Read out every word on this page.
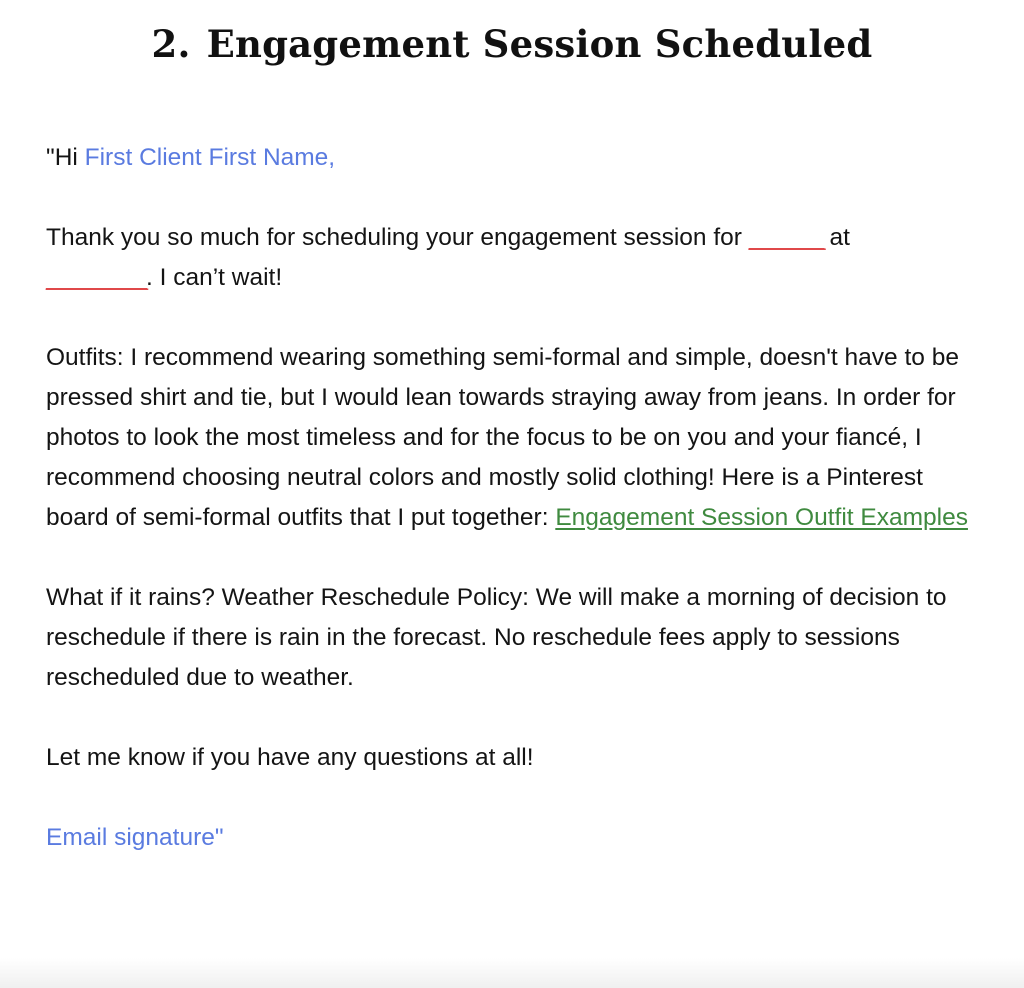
2. Engagement Session Scheduled

"Hi First Client First Name,

Thank you so much for scheduling your engagement session for ______ at
________. I can’t wait!

Outfits: I recommend wearing something semi-formal and simple, doesn't have to be pressed shirt and tie, but I would lean towards straying away from jeans. In order for photos to look the most timeless and for the focus to be on you and your fiancé, I recommend choosing neutral colors and mostly solid clothing! Here is a Pinterest board of semi-formal outfits that I put together: Engagement Session Outfit Examples

What if it rains? Weather Reschedule Policy: We will make a morning of decision to reschedule if there is rain in the forecast. No reschedule fees apply to sessions rescheduled due to weather.

Let me know if you have any questions at all!

Email signature"
